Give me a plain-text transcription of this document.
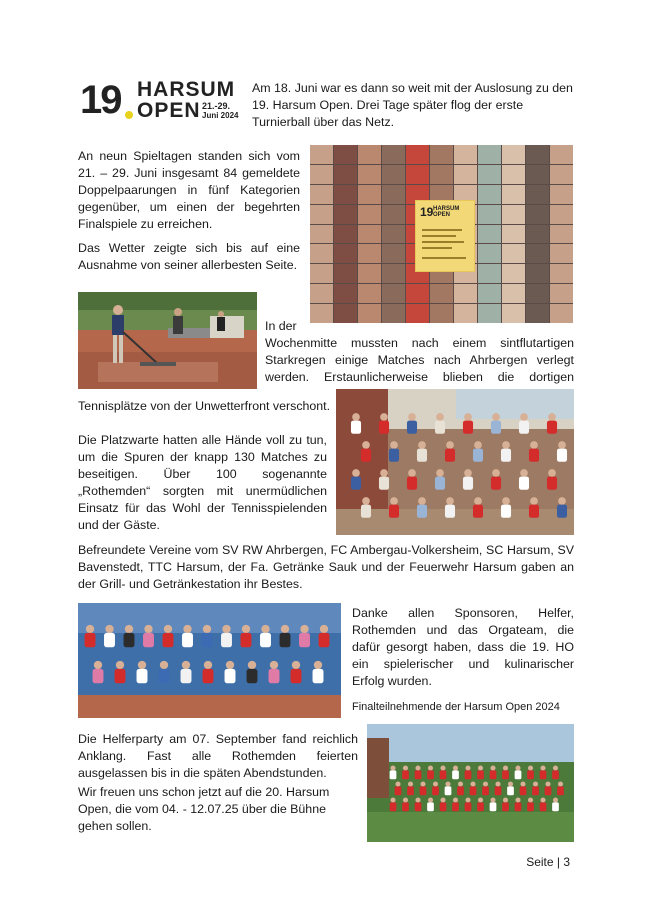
19 HARSUM
OPEN 21.-29.
Juni 2024
Am 18. Juni war es dann so weit mit der Auslosung zu den 19. Harsum Open. Drei Tage später flog der erste Turnierball über das Netz.
An neun Spieltagen standen sich vom 21. – 29. Juni insgesamt 84 gemeldete Doppelpaarungen in fünf Kategorien gegenüber, um einen der begehrten Finalspiele zu erreichen.
Das Wetter zeigte sich bis auf eine Ausnahme von seiner allerbesten Seite.
19 HARSUM
OPEN
In der
Wochenmitte mussten nach einem sintflutartigen Starkregen einige Matches nach Ahrbergen verlegt werden. Erstaunlicherweise blieben die dortigen
Tennisplätze von der Unwetterfront verschont.
Die Platzwarte hatten alle Hände voll zu tun, um die Spuren der knapp 130 Matches zu beseitigen. Über 100 sogenannte „Rothemden“ sorgten mit unermüdlichen Einsatz für das Wohl der Tennisspielenden und der Gäste.
Befreundete Vereine vom SV RW Ahrbergen, FC Ambergau-Volkersheim, SC Harsum, SV Bavenstedt, TTC Harsum, der Fa. Getränke Sauk und der Feuerwehr Harsum gaben an der Grill- und Getränkestation ihr Bestes.
Danke allen Sponsoren, Helfer, Rothemden und das Orgateam, die dafür gesorgt haben, dass die 19. HO ein spielerischer und kulinarischer Erfolg wurden.
Finalteilnehmende der Harsum Open 2024
Die Helferparty am 07. September fand reichlich Anklang. Fast alle Rothemden feierten ausgelassen bis in die späten Abendstunden.
Wir freuen uns schon jetzt auf die 20. Harsum Open, die vom 04. - 12.07.25 über die Bühne gehen sollen.
Seite | 3
